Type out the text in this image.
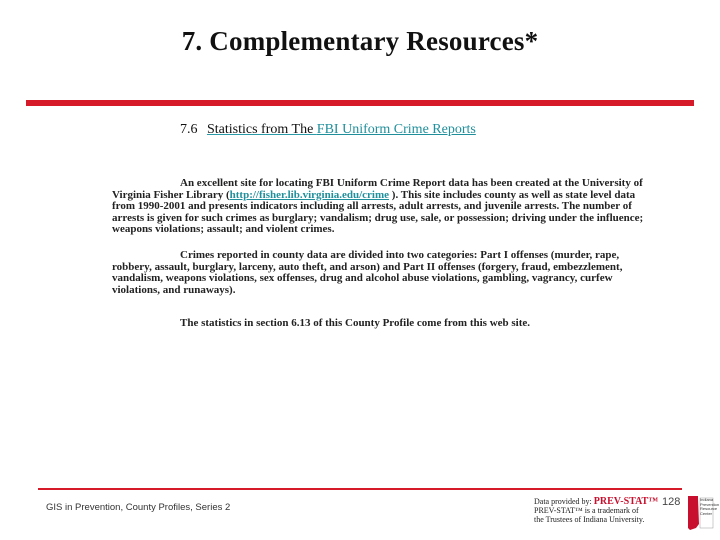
7. Complementary Resources*
7.6 Statistics from The FBI Uniform Crime Reports

An excellent site for locating FBI Uniform Crime Report data has been created at the University of Virginia Fisher Library (http://fisher.lib.virginia.edu/crime ). This site includes county as well as state level data from 1990-2001 and presents indicators including all arrests, adult arrests, and juvenile arrests. The number of arrests is given for such crimes as burglary; vandalism; drug use, sale, or possession; driving under the influence; weapons violations; assault; and violent crimes.

Crimes reported in county data are divided into two categories: Part I offenses (murder, rape, robbery, assault, burglary, larceny, auto theft, and arson) and Part II offenses (forgery, fraud, embezzlement, vandalism, weapons violations, sex offenses, drug and alcohol abuse violations, gambling, vagrancy, curfew violations, and runaways).

The statistics in section 6.13 of this County Profile come from this web site.

GIS in Prevention, County Profiles, Series 2
Data provided by: PREV-STAT™
PREV-STAT™ is a trademark of
the Trustees of Indiana University.
128	Indiana Prevention Resource Center
